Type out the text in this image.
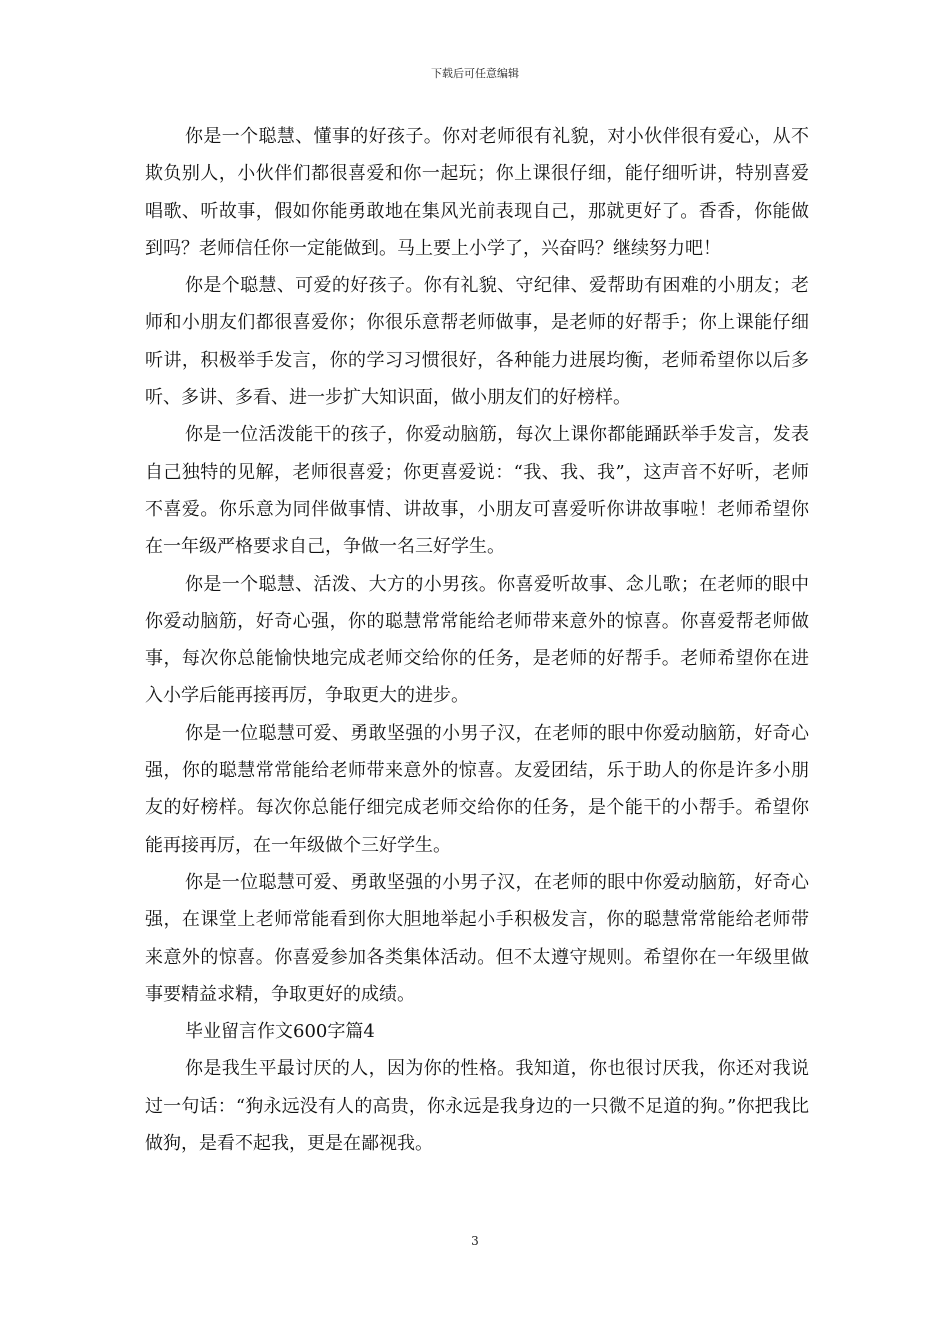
下载后可任意编辑

你是一个聪慧、懂事的好孩子。你对老师很有礼貌，对小伙伴很有爱心，从不欺负别人，小伙伴们都很喜爱和你一起玩；你上课很仔细，能仔细听讲，特别喜爱唱歌、听故事，假如你能勇敢地在集风光前表现自己，那就更好了。香香，你能做到吗？老师信任你一定能做到。马上要上小学了，兴奋吗？继续努力吧！

你是个聪慧、可爱的好孩子。你有礼貌、守纪律、爱帮助有困难的小朋友；老师和小朋友们都很喜爱你；你很乐意帮老师做事，是老师的好帮手；你上课能仔细听讲，积极举手发言，你的学习习惯很好，各种能力进展均衡，老师希望你以后多听、多讲、多看、进一步扩大知识面，做小朋友们的好榜样。

你是一位活泼能干的孩子，你爱动脑筋，每次上课你都能踊跃举手发言，发表自己独特的见解，老师很喜爱；你更喜爱说：“我、我、我”，这声音不好听，老师不喜爱。你乐意为同伴做事情、讲故事，小朋友可喜爱听你讲故事啦！老师希望你在一年级严格要求自己，争做一名三好学生。

你是一个聪慧、活泼、大方的小男孩。你喜爱听故事、念儿歌；在老师的眼中你爱动脑筋，好奇心强，你的聪慧常常能给老师带来意外的惊喜。你喜爱帮老师做事，每次你总能愉快地完成老师交给你的任务，是老师的好帮手。老师希望你在进入小学后能再接再厉，争取更大的进步。

你是一位聪慧可爱、勇敢坚强的小男子汉，在老师的眼中你爱动脑筋，好奇心强，你的聪慧常常能给老师带来意外的惊喜。友爱团结，乐于助人的你是许多小朋友的好榜样。每次你总能仔细完成老师交给你的任务，是个能干的小帮手。希望你能再接再厉，在一年级做个三好学生。

你是一位聪慧可爱、勇敢坚强的小男子汉，在老师的眼中你爱动脑筋，好奇心强，在课堂上老师常能看到你大胆地举起小手积极发言，你的聪慧常常能给老师带来意外的惊喜。你喜爱参加各类集体活动。但不太遵守规则。希望你在一年级里做事要精益求精，争取更好的成绩。

毕业留言作文600字篇4

你是我生平最讨厌的人，因为你的性格。我知道，你也很讨厌我，你还对我说过一句话：“狗永远没有人的高贵，你永远是我身边的一只微不足道的狗。”你把我比做狗，是看不起我，更是在鄙视我。

3
